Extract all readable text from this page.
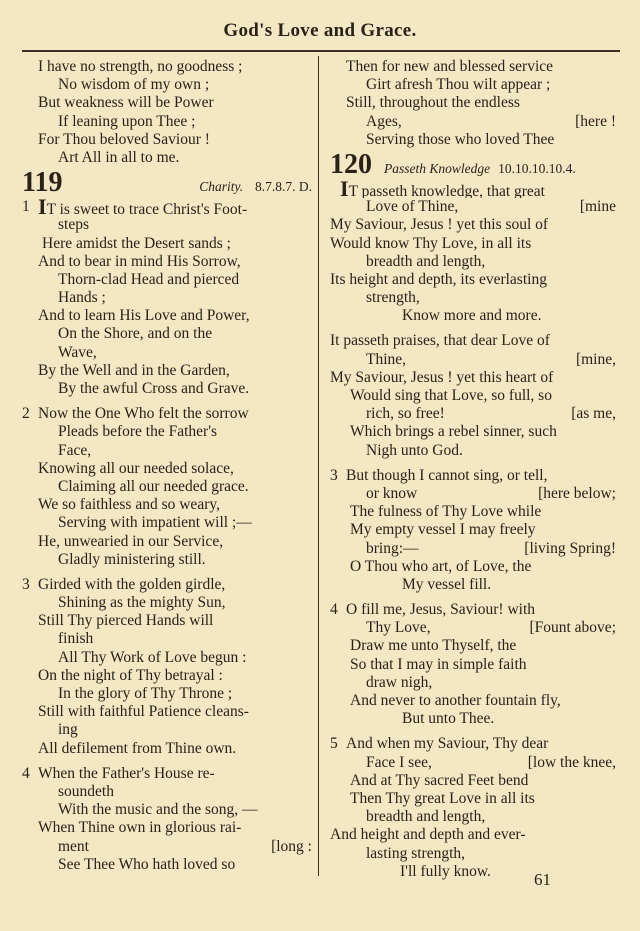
God's Love and Grace.
I have no strength, no goodness ;
No wisdom of my own ;
But weakness will be Power
If leaning upon Thee ;
For Thou beloved Saviour !
Art All in all to me.
119	Charity. 8.7.8.7. D.
1 IT is sweet to trace Christ's Foot-
steps
Here amidst the Desert sands ;
And to bear in mind His Sorrow,
Thorn-clad Head and pierced
Hands ;
And to learn His Love and Power,
On the Shore, and on the
Wave,
By the Well and in the Garden,
By the awful Cross and Grave.
2 Now the One Who felt the sorrow
Pleads before the Father's
Face,
Knowing all our needed solace,
Claiming all our needed grace.
We so faithless and so weary,
Serving with impatient will ;—
He, unwearied in our Service,
Gladly ministering still.
3 Girded with the golden girdle,
Shining as the mighty Sun,
Still Thy pierced Hands will
finish
All Thy Work of Love begun :
On the night of Thy betrayal :
In the glory of Thy Throne ;
Still with faithful Patience cleans-
ing
All defilement from Thine own.
4 When the Father's House re-
soundeth
With the music and the song, —
When Thine own in glorious rai-
ment	[long :
See Thee Who hath loved so
Then for new and blessed service
Girt afresh Thou wilt appear ;
Still, throughout the endless
Ages,	[here !
Serving those who loved Thee
120 Passeth Knowledge 10.10.10.10.4.
IT passeth knowledge, that great
Love of Thine,	[mine
My Saviour, Jesus ! yet this soul of
Would know Thy Love, in all its
breadth and length,
Its height and depth, its everlasting
strength,
Know more and more.
It passeth praises, that dear Love of
Thine,	[mine,
My Saviour, Jesus ! yet this heart of
Would sing that Love, so full, so
rich, so free!	[as me,
Which brings a rebel sinner, such
Nigh unto God.
3 But though I cannot sing, or tell,
or know	[here below;
The fulness of Thy Love while
My empty vessel I may freely
bring:—	[living Spring!
O Thou who art, of Love, the
My vessel fill.
4 O fill me, Jesus, Saviour! with
Thy Love,	[Fount above;
Draw me unto Thyself, the
So that I may in simple faith
draw nigh,
And never to another fountain fly,
But unto Thee.
5 And when my Saviour, Thy dear
Face I see,	[low the knee,
And at Thy sacred Feet bend
Then Thy great Love in all its
breadth and length,
And height and depth and ever-
lasting strength,
I'll fully know.	61
